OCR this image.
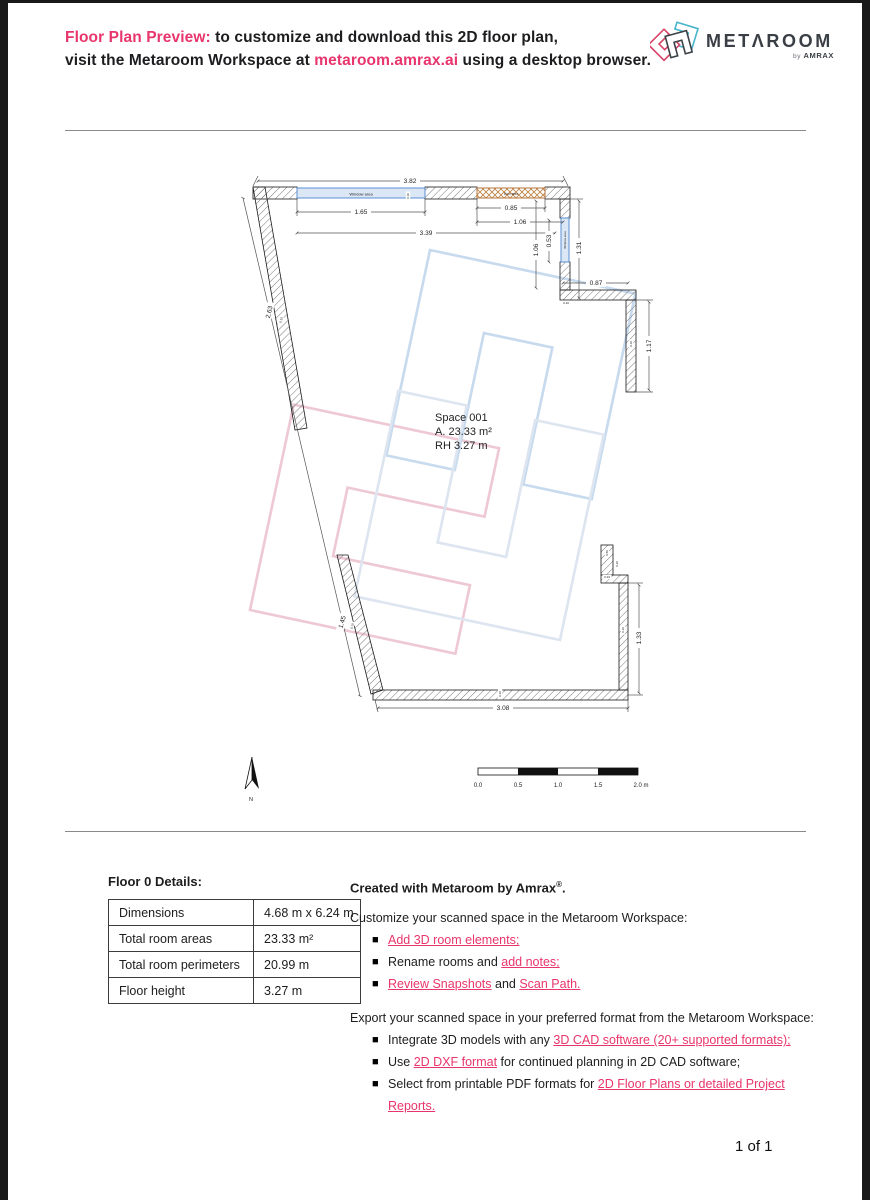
Floor Plan Preview: to customize and download this 2D floor plan,
visit the Metaroom Workspace at metaroom.amrax.ai using a desktop browser.
METΛROOM
by AMRAX
Window area
Window area
Door area
3.82
1.65
0.85
1.06
3.39
0.53
1.06	1.31
0.87
1.17
1.33
3.08
2.63
1.45
0.10
0.10
0.10
0.10
0.10
0.10
0.50
0.20
0.23
0.10
Space 001
A. 23.33 m²
RH 3.27 m
N
0.0	0.5	1.0	1.5	2.0 m
Floor 0 Details:
Dimensions	4.68 m x 6.24 m
Total room areas	23.33 m²
Total room perimeters	20.99 m
Floor height	3.27 m
Created with Metaroom by Amrax®.

Customize your scanned space in the Metaroom Workspace:

■ Add 3D room elements;
■ Rename rooms and add notes;
■ Review Snapshots and Scan Path.

Export your scanned space in your preferred format from the Metaroom Workspace:

■ Integrate 3D models with any 3D CAD software (20+ supported formats);
■ Use 2D DXF format for continued planning in 2D CAD software;
■ Select from printable PDF formats for 2D Floor Plans or detailed Project Reports.
1 of 1
